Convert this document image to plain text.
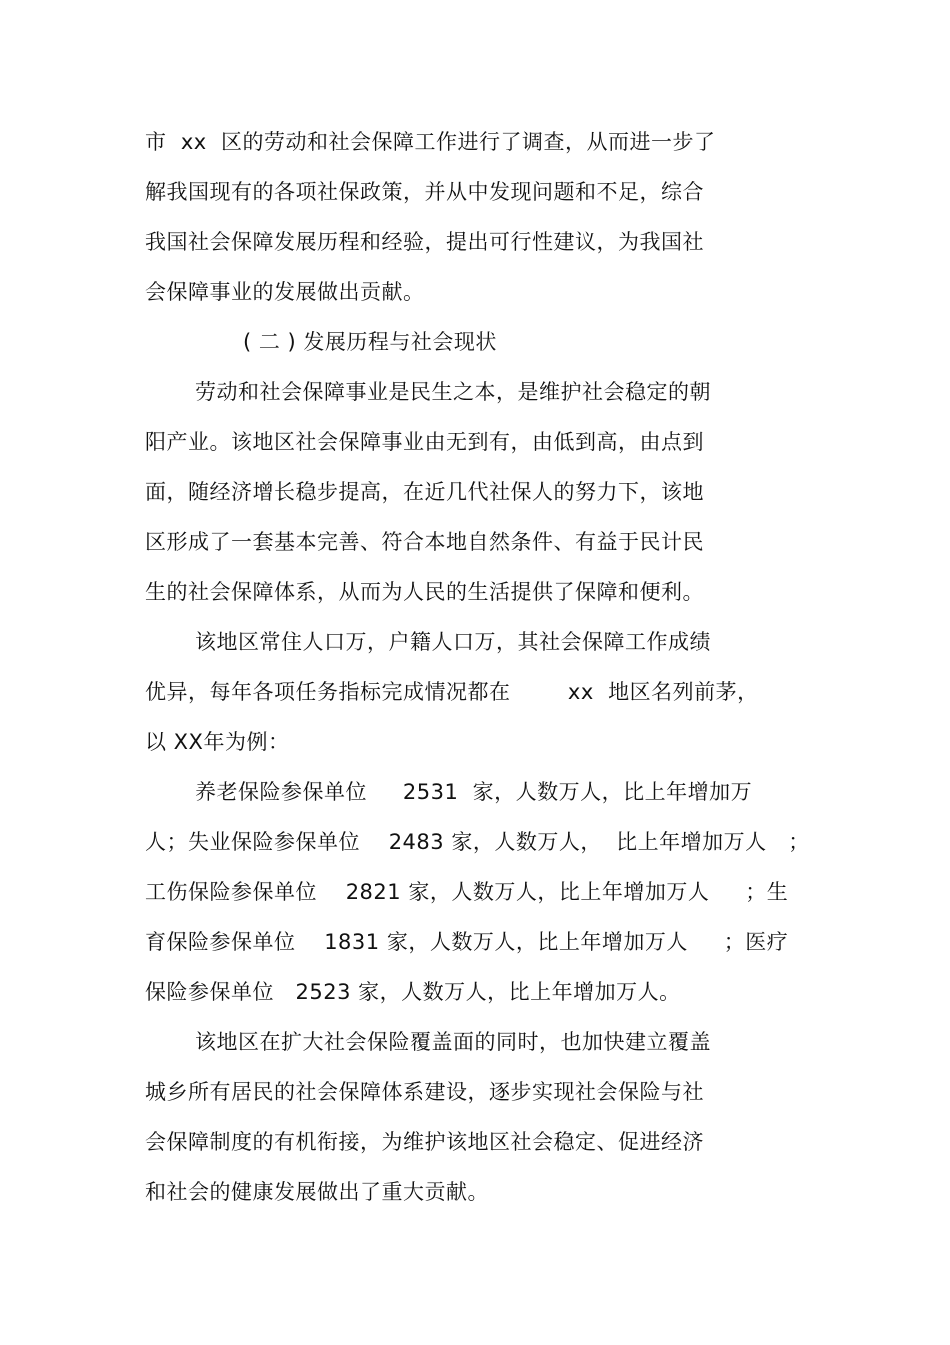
市  xx  区的劳动和社会保障工作进行了调查，从而进一步了
解我国现有的各项社保政策，并从中发现问题和不足，综合
我国社会保障发展历程和经验，提出可行性建议，为我国社
会保障事业的发展做出贡献。
( 二 ) 发展历程与社会现状
劳动和社会保障事业是民生之本，是维护社会稳定的朝
阳产业。该地区社会保障事业由无到有，由低到高，由点到
面，随经济增长稳步提高，在近几代社保人的努力下，该地
区形成了一套基本完善、符合本地自然条件、有益于民计民
生的社会保障体系，从而为人民的生活提供了保障和便利。
该地区常住人口万，户籍人口万，其社会保障工作成绩
优异，每年各项任务指标完成情况都在        xx  地区名列前茅，
以 XX年为例：
养老保险参保单位     2531  家，人数万人，比上年增加万
人；失业保险参保单位    2483 家，人数万人，  比上年增加万人   ；
工伤保险参保单位    2821 家，人数万人，比上年增加万人     ；生
育保险参保单位    1831 家，人数万人，比上年增加万人     ；医疗
保险参保单位   2523 家，人数万人，比上年增加万人。
该地区在扩大社会保险覆盖面的同时，也加快建立覆盖
城乡所有居民的社会保障体系建设，逐步实现社会保险与社
会保障制度的有机衔接，为维护该地区社会稳定、促进经济
和社会的健康发展做出了重大贡献。
